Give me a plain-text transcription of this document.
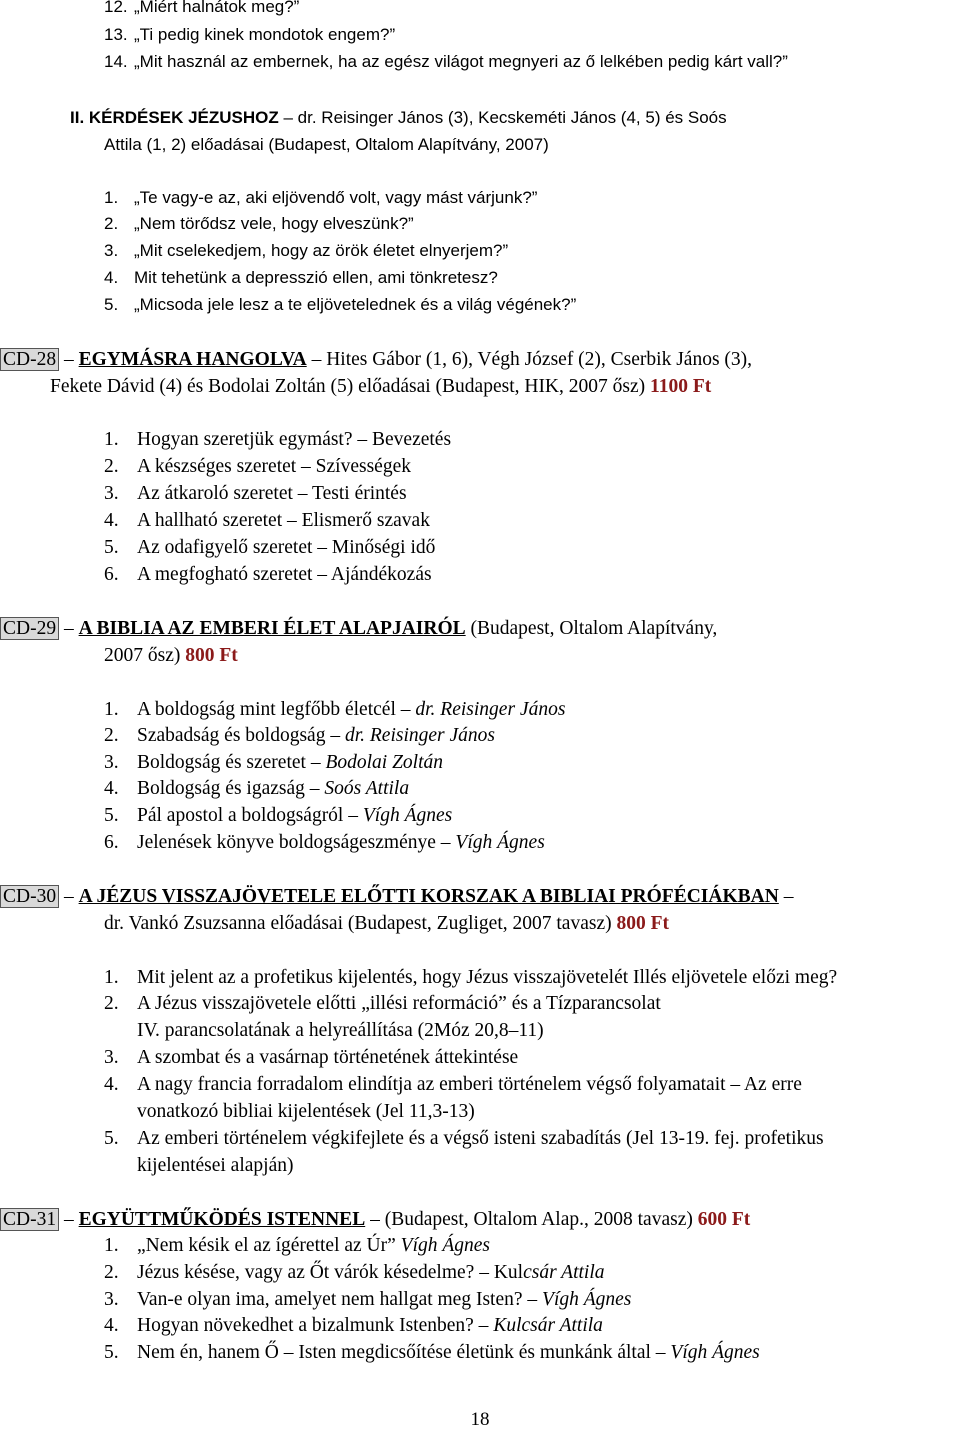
12. „Miért halnátok meg?”
13. „Ti pedig kinek mondotok engem?”
14. „Mit használ az embernek, ha az egész világot megnyeri az ő lelkében pedig kárt vall?”
II. KÉRDÉSEK JÉZUSHOZ – dr. Reisinger János (3), Kecskeméti János (4, 5) és Soós
Attila (1, 2) előadásai (Budapest, Oltalom Alapítvány, 2007)
1. „Te vagy-e az, aki eljövendő volt, vagy mást várjunk?”
2. „Nem törődsz vele, hogy elveszünk?”
3. „Mit cselekedjem, hogy az örök életet elnyerjem?”
4. Mit tehetünk a depresszió ellen, ami tönkretesz?
5. „Micsoda jele lesz a te eljövetelednek és a világ végének?”
CD-28 – EGYMÁSRA HANGOLVA – Hites Gábor (1, 6), Végh József (2), Cserbik János (3),
Fekete Dávid (4) és Bodolai Zoltán (5) előadásai (Budapest, HIK, 2007 ősz) 1100 Ft
1. Hogyan szeretjük egymást? – Bevezetés
2. A készséges szeretet – Szívességek
3. Az átkaroló szeretet – Testi érintés
4. A hallható szeretet – Elismerő szavak
5. Az odafigyelő szeretet – Minőségi idő
6. A megfogható szeretet – Ajándékozás
CD-29 – A BIBLIA AZ EMBERI ÉLET ALAPJAIRÓL (Budapest, Oltalom Alapítvány,
2007 ősz) 800 Ft
1. A boldogság mint legfőbb életcél – dr. Reisinger János
2. Szabadság és boldogság – dr. Reisinger János
3. Boldogság és szeretet – Bodolai Zoltán
4. Boldogság és igazság – Soós Attila
5. Pál apostol a boldogságról – Vígh Ágnes
6. Jelenések könyve boldogságeszménye – Vígh Ágnes
CD-30 – A JÉZUS VISSZAJÖVETELE ELŐTTI KORSZAK A BIBLIAI PRÓFÉCIÁKBAN –
dr. Vankó Zsuzsanna előadásai (Budapest, Zugliget, 2007 tavasz) 800 Ft
1. Mit jelent az a profetikus kijelentés, hogy Jézus visszajövetelét Illés eljövetele előzi meg?
2. A Jézus visszajövetele előtti „illési reformáció” és a Tízparancsolat
IV. parancsolatának a helyreállítása (2Móz 20,8–11)
3. A szombat és a vasárnap történetének áttekintése
4. A nagy francia forradalom elindítja az emberi történelem végső folyamatait – Az erre
vonatkozó bibliai kijelentések (Jel 11,3-13)
5. Az emberi történelem végkifejlete és a végső isteni szabadítás (Jel 13-19. fej. profetikus
kijelentései alapján)
CD-31 – EGYÜTTMŰKÖDÉS ISTENNEL – (Budapest, Oltalom Alap., 2008 tavasz) 600 Ft
1. „Nem késik el az ígérettel az Úr” Vígh Ágnes
2. Jézus késése, vagy az Őt várók késedelme? – Kulcsár Attila
3. Van-e olyan ima, amelyet nem hallgat meg Isten? – Vígh Ágnes
4. Hogyan növekedhet a bizalmunk Istenben? – Kulcsár Attila
5. Nem én, hanem Ő – Isten megdicsőítése életünk és munkánk által – Vígh Ágnes
18
